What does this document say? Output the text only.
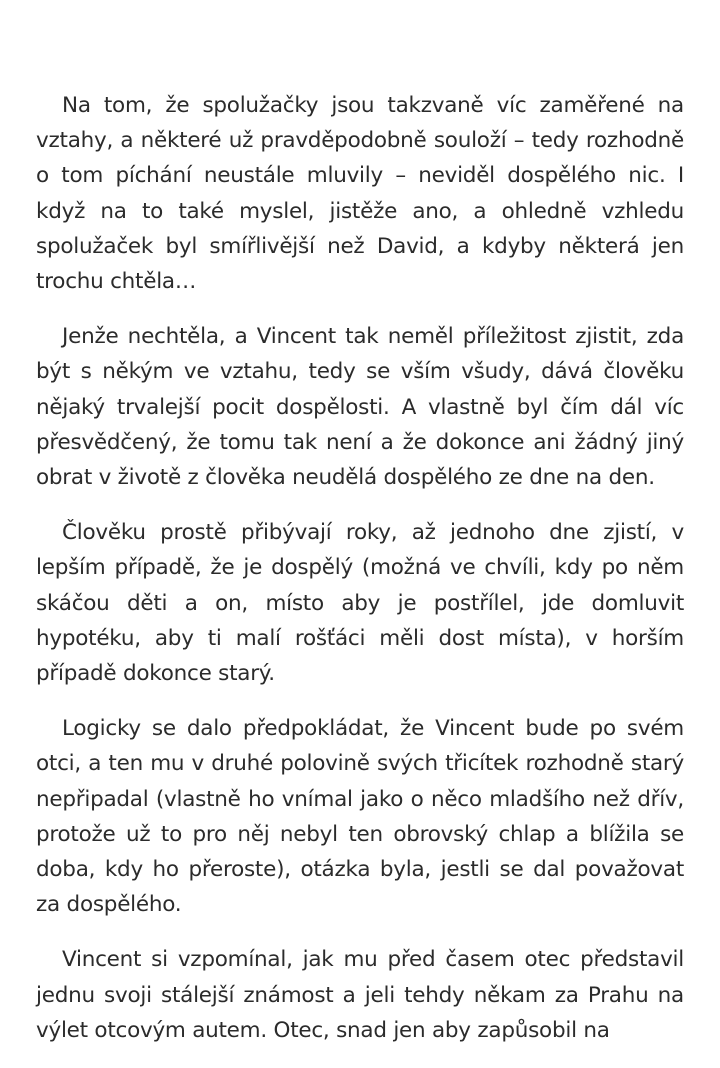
Na tom, že spolužačky jsou takzvaně víc zaměřené na vztahy, a některé už pravděpodobně souloží – tedy rozhodně o tom píchání neustále mluvily – neviděl dospělého nic. I když na to také myslel, jistěže ano, a ohledně vzhledu spolužaček byl smířlivější než David, a kdyby některá jen trochu chtěla…

Jenže nechtěla, a Vincent tak neměl příležitost zjistit, zda být s někým ve vztahu, tedy se vším všudy, dává člověku nějaký trvalejší pocit dospělosti. A vlastně byl čím dál víc přesvědčený, že tomu tak není a že dokonce ani žádný jiný obrat v životě z člověka neudělá dospělého ze dne na den.

Člověku prostě přibývají roky, až jednoho dne zjistí, v lepším případě, že je dospělý (možná ve chvíli, kdy po něm skáčou děti a on, místo aby je postřílel, jde domluvit hypotéku, aby ti malí rošťáci měli dost místa), v horším případě dokonce starý.

Logicky se dalo předpokládat, že Vincent bude po svém otci, a ten mu v druhé polovině svých třicítek rozhodně starý nepřipadal (vlastně ho vnímal jako o něco mladšího než dřív, protože už to pro něj nebyl ten obrovský chlap a blížila se doba, kdy ho přeroste), otázka byla, jestli se dal považovat za dospělého.

Vincent si vzpomínal, jak mu před časem otec představil jednu svoji stálejší známost a jeli tehdy někam za Prahu na výlet otcovým autem. Otec, snad jen aby zapůsobil na
